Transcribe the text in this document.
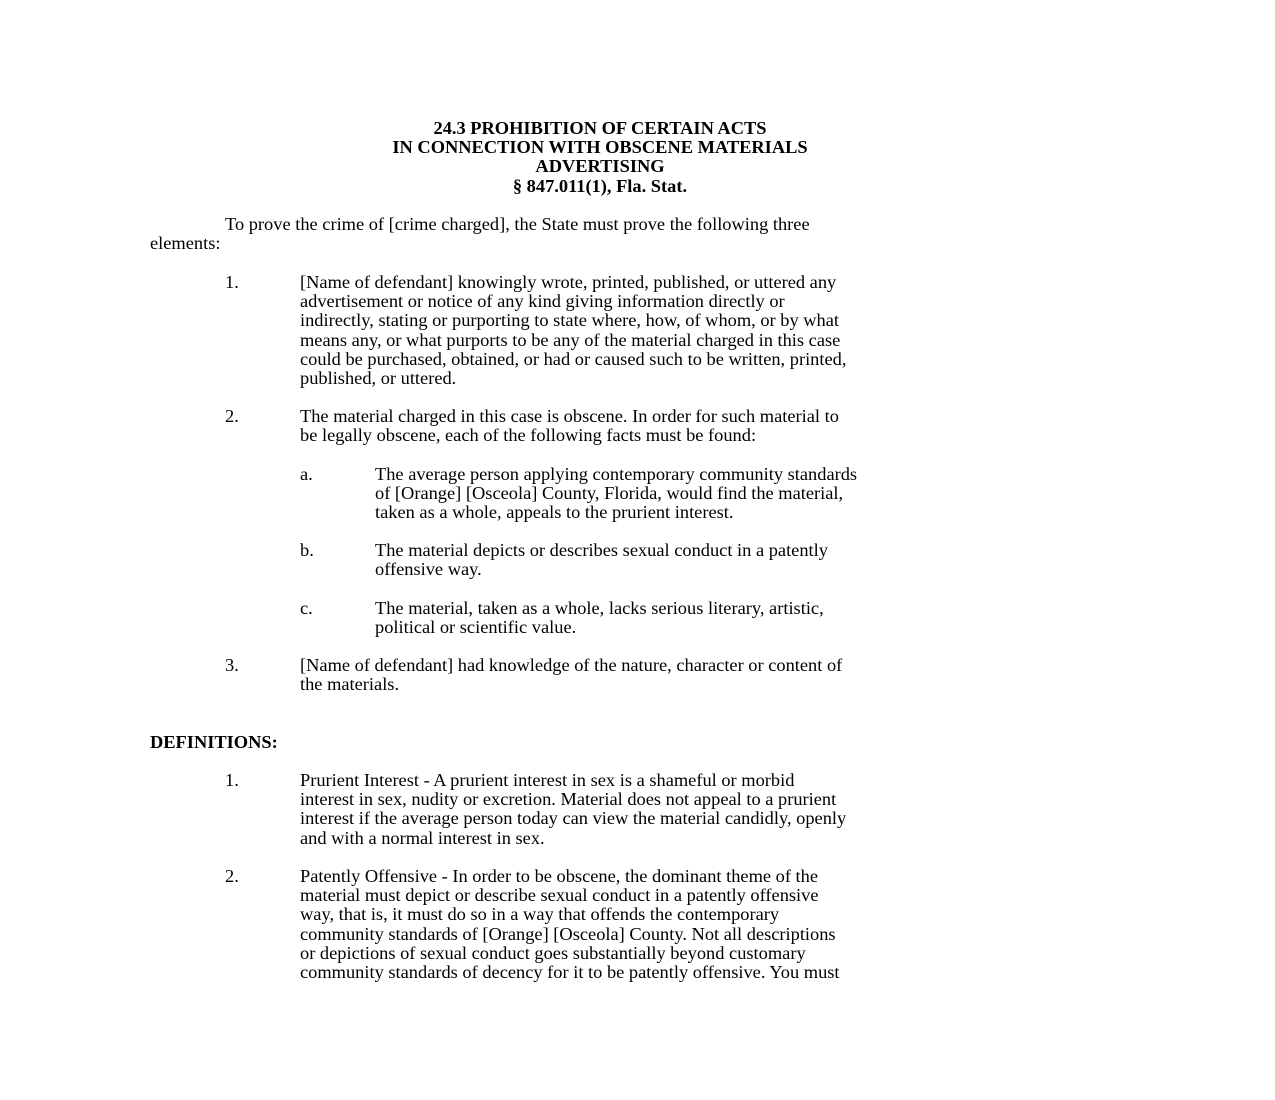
24.3 PROHIBITION OF CERTAIN ACTS
IN CONNECTION WITH OBSCENE MATERIALS
ADVERTISING
§ 847.011(1), Fla. Stat.
To prove the crime of [crime charged], the State must prove the following three
elements:
1.	[Name of defendant] knowingly wrote, printed, published, or uttered any
advertisement or notice of any kind giving information directly or
indirectly, stating or purporting to state where, how, of whom, or by what
means any, or what purports to be any of the material charged in this case
could be purchased, obtained, or had or caused such to be written, printed,
published, or uttered.
2.	The material charged in this case is obscene. In order for such material to
be legally obscene, each of the following facts must be found:
a.	The average person applying contemporary community standards
of [Orange] [Osceola] County, Florida, would find the material,
taken as a whole, appeals to the prurient interest.
b.	The material depicts or describes sexual conduct in a patently
offensive way.
c.	The material, taken as a whole, lacks serious literary, artistic,
political or scientific value.
3.	[Name of defendant] had knowledge of the nature, character or content of
the materials.
DEFINITIONS:
1.	Prurient Interest - A prurient interest in sex is a shameful or morbid
interest in sex, nudity or excretion. Material does not appeal to a prurient
interest if the average person today can view the material candidly, openly
and with a normal interest in sex.
2.	Patently Offensive - In order to be obscene, the dominant theme of the
material must depict or describe sexual conduct in a patently offensive
way, that is, it must do so in a way that offends the contemporary
community standards of [Orange] [Osceola] County. Not all descriptions
or depictions of sexual conduct goes substantially beyond customary
community standards of decency for it to be patently offensive. You must
